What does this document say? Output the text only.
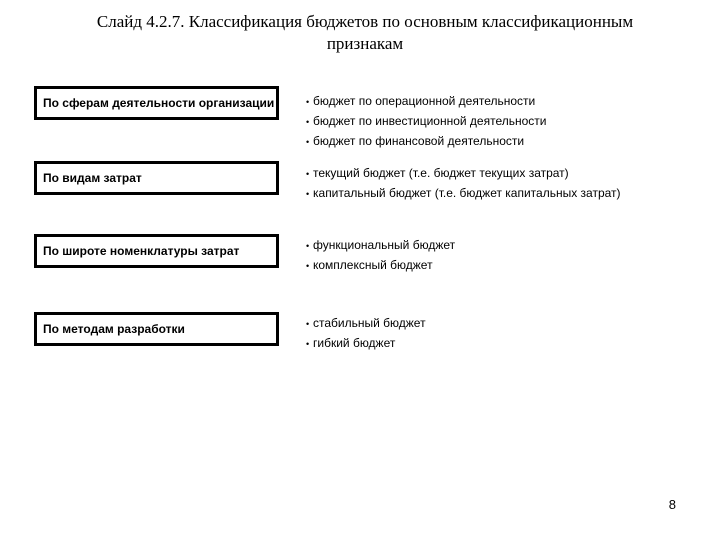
Слайд 4.2.7. Классификация бюджетов по основным классификационным
признакам
По сферам деятельности организации	• бюджет по операционной деятельности
• бюджет по инвестиционной деятельности
• бюджет по финансовой деятельности
По видам затрат	• текущий бюджет (т.е. бюджет текущих затрат)
• капитальный бюджет (т.е. бюджет капитальных затрат)
По широте номенклатуры затрат	• функциональный бюджет
• комплексный бюджет
По методам разработки	• стабильный бюджет
• гибкий бюджет
8
